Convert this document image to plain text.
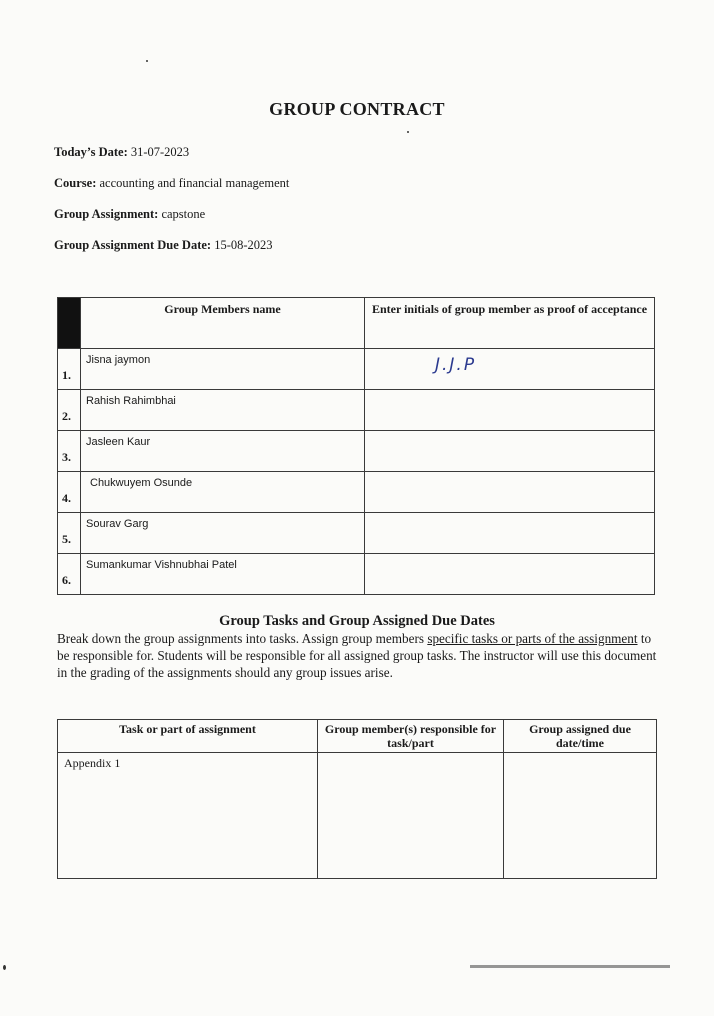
GROUP CONTRACT
Today’s Date: 31-07-2023
Course: accounting and financial management
Group Assignment: capstone
Group Assignment Due Date: 15-08-2023
	Group Members name	Enter initials of group member as proof of acceptance
1.	Jisna jaymon	J.J.P
2.	Rahish Rahimbhai	
3.	Jasleen Kaur	
4.	Chukwuyem Osunde	
5.	Sourav Garg	
6.	Sumankumar Vishnubhai Patel	
Group Tasks and Group Assigned Due Dates
Break down the group assignments into tasks. Assign group members specific tasks or parts of the assignment to be responsible for. Students will be responsible for all assigned group tasks. The instructor will use this document in the grading of the assignments should any group issues arise.
Task or part of assignment	Group member(s) responsible for task/part	Group assigned due date/time
Appendix 1		
